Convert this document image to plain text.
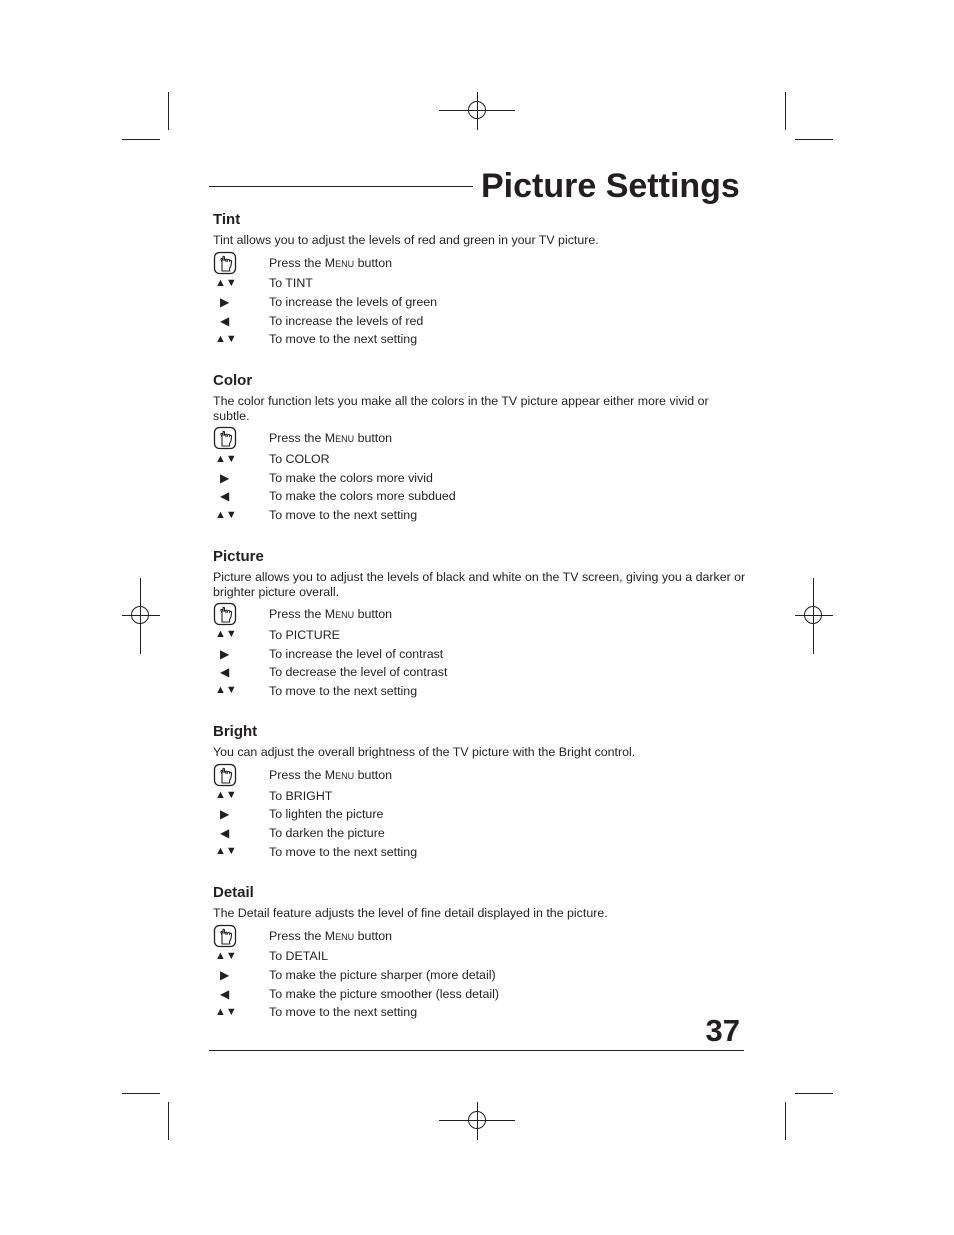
Picture Settings
Tint

Tint allows you to adjust the levels of red and green in your TV picture.

Press the Menu button
▲▼	To TINT
▶	To increase the levels of green
◀	To increase the levels of red
▲▼	To move to the next setting
Color

The color function lets you make all the colors in the TV picture appear either more vivid or subtle.

Press the Menu button
▲▼	To COLOR
▶	To make the colors more vivid
◀	To make the colors more subdued
▲▼	To move to the next setting
Picture

Picture allows you to adjust the levels of black and white on the TV screen, giving you a darker or brighter picture overall.

Press the Menu button
▲▼	To PICTURE
▶	To increase the level of contrast
◀	To decrease the level of contrast
▲▼	To move to the next setting
Bright

You can adjust the overall brightness of the TV picture with the Bright control.

Press the Menu button
▲▼	To BRIGHT
▶	To lighten the picture
◀	To darken the picture
▲▼	To move to the next setting
Detail

The Detail feature adjusts the level of fine detail displayed in the picture.

Press the Menu button
▲▼	To DETAIL
▶	To make the picture sharper (more detail)
◀	To make the picture smoother (less detail)
▲▼	To move to the next setting
37
